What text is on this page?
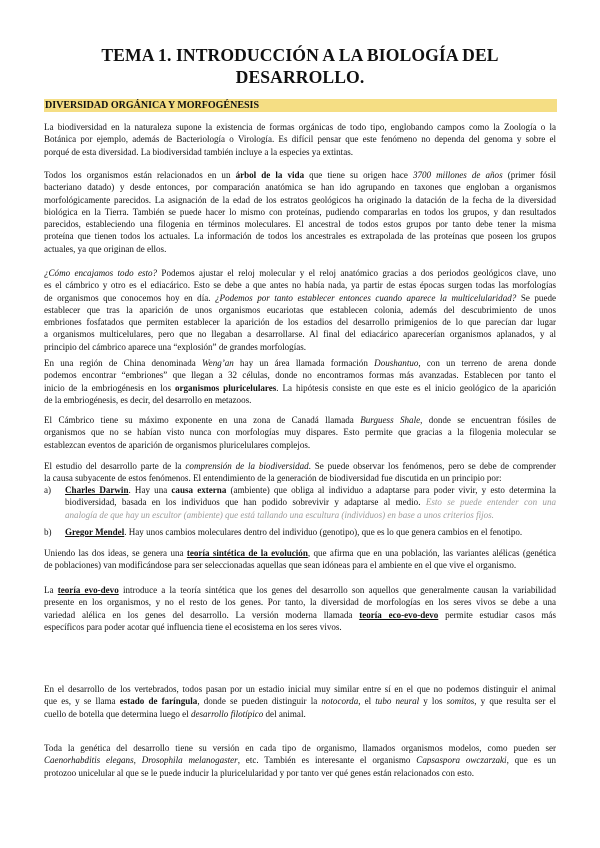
TEMA 1. INTRODUCCIÓN A LA BIOLOGÍA DEL
DESARROLLO.
DIVERSIDAD ORGÁNICA Y MORFOGÉNESIS
La biodiversidad en la naturaleza supone la existencia de formas orgánicas de todo tipo, englobando campos como la Zoología o la
Botánica por ejemplo, además de Bacteriología o Virología. Es difícil pensar que este fenómeno no dependa del genoma y sobre el
porqué de esta diversidad. La biodiversidad también incluye a la especies ya extintas.
Todos los organismos están relacionados en un árbol de la vida que tiene su origen hace 3700 millones de años (primer fósil
bacteriano datado) y desde entonces, por comparación anatómica se han ido agrupando en taxones que engloban a organismos
morfológicamente parecidos. La asignación de la edad de los estratos geológicos ha originado la datación de la fecha de la diversidad
biológica en la Tierra. También se puede hacer lo mismo con proteínas, pudiendo compararlas en todos los grupos, y dan resultados
parecidos, estableciendo una filogenia en términos moleculares. El ancestral de todos estos grupos por tanto debe tener la misma
proteína que tienen todos los actuales. La información de todos los ancestrales es extrapolada de las proteínas que poseen los grupos
actuales, ya que originan de ellos.
¿Cómo encajamos todo esto? Podemos ajustar el reloj molecular y el reloj anatómico gracias a dos periodos geológicos clave, uno
es el cámbrico y otro es el ediacárico. Esto se debe a que antes no había nada, ya partir de estas épocas surgen todas las morfologías
de organismos que conocemos hoy en día. ¿Podemos por tanto establecer entonces cuando aparece la multicelularidad? Se puede
establecer que tras la aparición de unos organismos eucariotas que establecen colonia, además del descubrimiento de unos
embriones fosfatados que permiten establecer la aparición de los estadios del desarrollo primigenios de lo que parecían dar lugar
a organismos multicelulares, pero que no llegaban a desarrollarse. Al final del ediacárico aparecerían organismos aplanados, y al
principio del cámbrico aparece una “explosión” de grandes morfologías.
En una región de China denominada Weng’an hay un área llamada formación Doushantuo, con un terreno de arena donde
podemos encontrar “embriones” que llegan a 32 células, donde no encontramos formas más avanzadas. Establecen por tanto el
inicio de la embriogénesis en los organismos pluricelulares. La hipótesis consiste en que este es el inicio geológico de la aparición
de la embriogénesis, es decir, del desarrollo en metazoos.
El Cámbrico tiene su máximo exponente en una zona de Canadá llamada Burguess Shale, donde se encuentran fósiles de
organismos que no se habían visto nunca con morfologías muy dispares. Esto permite que gracias a la filogenia molecular se
establezcan eventos de aparición de organismos pluricelulares complejos.
El estudio del desarrollo parte de la comprensión de la biodiversidad. Se puede observar los fenómenos, pero se debe de comprender
la causa subyacente de estos fenómenos. El entendimiento de la generación de biodiversidad fue discutida en un principio por:
a)	Charles Darwin. Hay una causa externa (ambiente) que obliga al individuo a adaptarse para poder vivir, y esto determina la
biodiversidad, basada en los individuos que han podido sobrevivir y adaptarse al medio. Esto se puede entender con una
analogía de que hay un escultor (ambiente) que está tallando una escultura (individuos) en base a unos criterios fijos.
b)	Gregor Mendel. Hay unos cambios moleculares dentro del individuo (genotipo), que es lo que genera cambios en el fenotipo.
Uniendo las dos ideas, se genera una teoría sintética de la evolución, que afirma que en una población, las variantes alélicas (genética
de poblaciones) van modificándose para ser seleccionadas aquellas que sean idóneas para el ambiente en el que vive el organismo.
La teoría evo-devo introduce a la teoría sintética que los genes del desarrollo son aquellos que generalmente causan la variabilidad
presente en los organismos, y no el resto de los genes. Por tanto, la diversidad de morfologías en los seres vivos se debe a una
variedad alélica en los genes del desarrollo. La versión moderna llamada teoría eco-evo-devo permite estudiar casos más
específicos para poder acotar qué influencia tiene el ecosistema en los seres vivos.
En el desarrollo de los vertebrados, todos pasan por un estadio inicial muy similar entre sí en el que no podemos distinguir el animal
que es, y se llama estado de faríngula, donde se pueden distinguir la notocorda, el tubo neural y los somitos, y que resulta ser el
cuello de botella que determina luego el desarrollo filotípico del animal.
Toda la genética del desarrollo tiene su versión en cada tipo de organismo, llamados organismos modelos, como pueden ser
Caenorhabditis elegans, Drosophila melanogaster, etc. También es interesante el organismo Capsaspora owczarzaki, que es un
protozoo unicelular al que se le puede inducir la pluricelularidad y por tanto ver qué genes están relacionados con esto.
